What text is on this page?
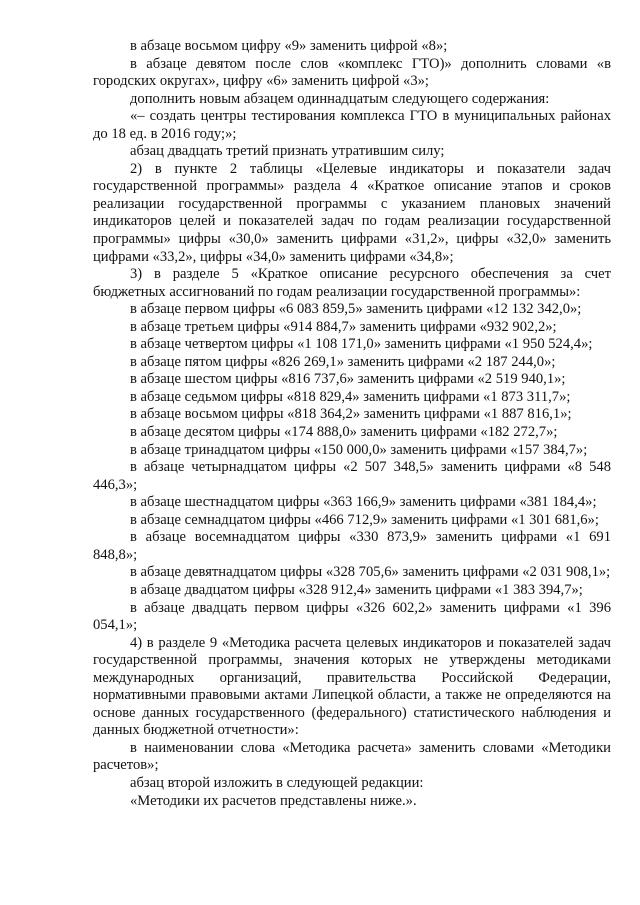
в абзаце восьмом цифру «9» заменить цифрой «8»;

в абзаце девятом после слов «комплекс ГТО)» дополнить словами «в городских округах», цифру «6» заменить цифрой «3»;

дополнить новым абзацем одиннадцатым следующего содержания:

«– создать центры тестирования комплекса ГТО в муниципальных районах до 18 ед. в 2016 году;»;

абзац двадцать третий признать утратившим силу;

2) в пункте 2 таблицы «Целевые индикаторы и показатели задач государственной программы» раздела 4 «Краткое описание этапов и сроков реализации государственной программы с указанием плановых значений индикаторов целей и показателей задач по годам реализации государственной программы» цифры «30,0» заменить цифрами «31,2», цифры «32,0» заменить цифрами «33,2», цифры «34,0» заменить цифрами «34,8»;

3) в разделе 5 «Краткое описание ресурсного обеспечения за счет бюджетных ассигнований по годам реализации государственной программы»:

в абзаце первом цифры «6 083 859,5» заменить цифрами «12 132 342,0»;

в абзаце третьем цифры «914 884,7» заменить цифрами «932 902,2»;

в абзаце четвертом цифры «1 108 171,0» заменить цифрами «1 950 524,4»;

в абзаце пятом цифры «826 269,1» заменить цифрами «2 187 244,0»;

в абзаце шестом цифры «816 737,6» заменить цифрами «2 519 940,1»;

в абзаце седьмом цифры «818 829,4» заменить цифрами «1 873 311,7»;

в абзаце восьмом цифры «818 364,2» заменить цифрами «1 887 816,1»;

в абзаце десятом цифры «174 888,0» заменить цифрами «182 272,7»;

в абзаце тринадцатом цифры «150 000,0» заменить цифрами «157 384,7»;

в абзаце четырнадцатом цифры «2 507 348,5» заменить цифрами «8 548 446,3»;

в абзаце шестнадцатом цифры «363 166,9» заменить цифрами «381 184,4»;

в абзаце семнадцатом цифры «466 712,9» заменить цифрами «1 301 681,6»;

в абзаце восемнадцатом цифры «330 873,9» заменить цифрами «1 691 848,8»;

в абзаце девятнадцатом цифры «328 705,6» заменить цифрами «2 031 908,1»;

в абзаце двадцатом цифры «328 912,4» заменить цифрами «1 383 394,7»;

в абзаце двадцать первом цифры «326 602,2» заменить цифрами «1 396 054,1»;

4) в разделе 9 «Методика расчета целевых индикаторов и показателей задач государственной программы, значения которых не утверждены методиками международных организаций, правительства Российской Федерации, нормативными правовыми актами Липецкой области, а также не определяются на основе данных государственного (федерального) статистического наблюдения и данных бюджетной отчетности»:

в наименовании слова «Методика расчета» заменить словами «Методики расчетов»;

абзац второй изложить в следующей редакции:

«Методики их расчетов представлены ниже.».
